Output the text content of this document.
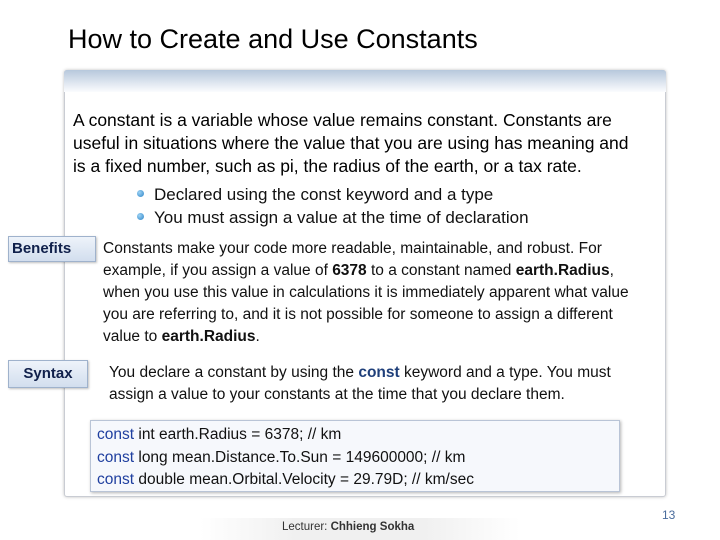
How to Create and Use Constants
A constant is a variable whose value remains constant. Constants are useful in situations where the value that you are using has meaning and is a fixed number, such as pi, the radius of the earth, or a tax rate.
Declared using the const keyword and a type
You must assign a value at the time of declaration
Benefits	Constants make your code more readable, maintainable, and robust. For example, if you assign a value of 6378 to a constant named earth.Radius, when you use this value in calculations it is immediately apparent what value you are referring to, and it is not possible for someone to assign a different value to earth.Radius.
Syntax	You declare a constant by using the const keyword and a type. You must assign a value to your constants at the time that you declare them.
const int earth.Radius = 6378; // km
const long mean.Distance.To.Sun = 149600000; // km
const double mean.Orbital.Velocity = 29.79D; // km/sec
13
Lecturer: Chhieng Sokha
